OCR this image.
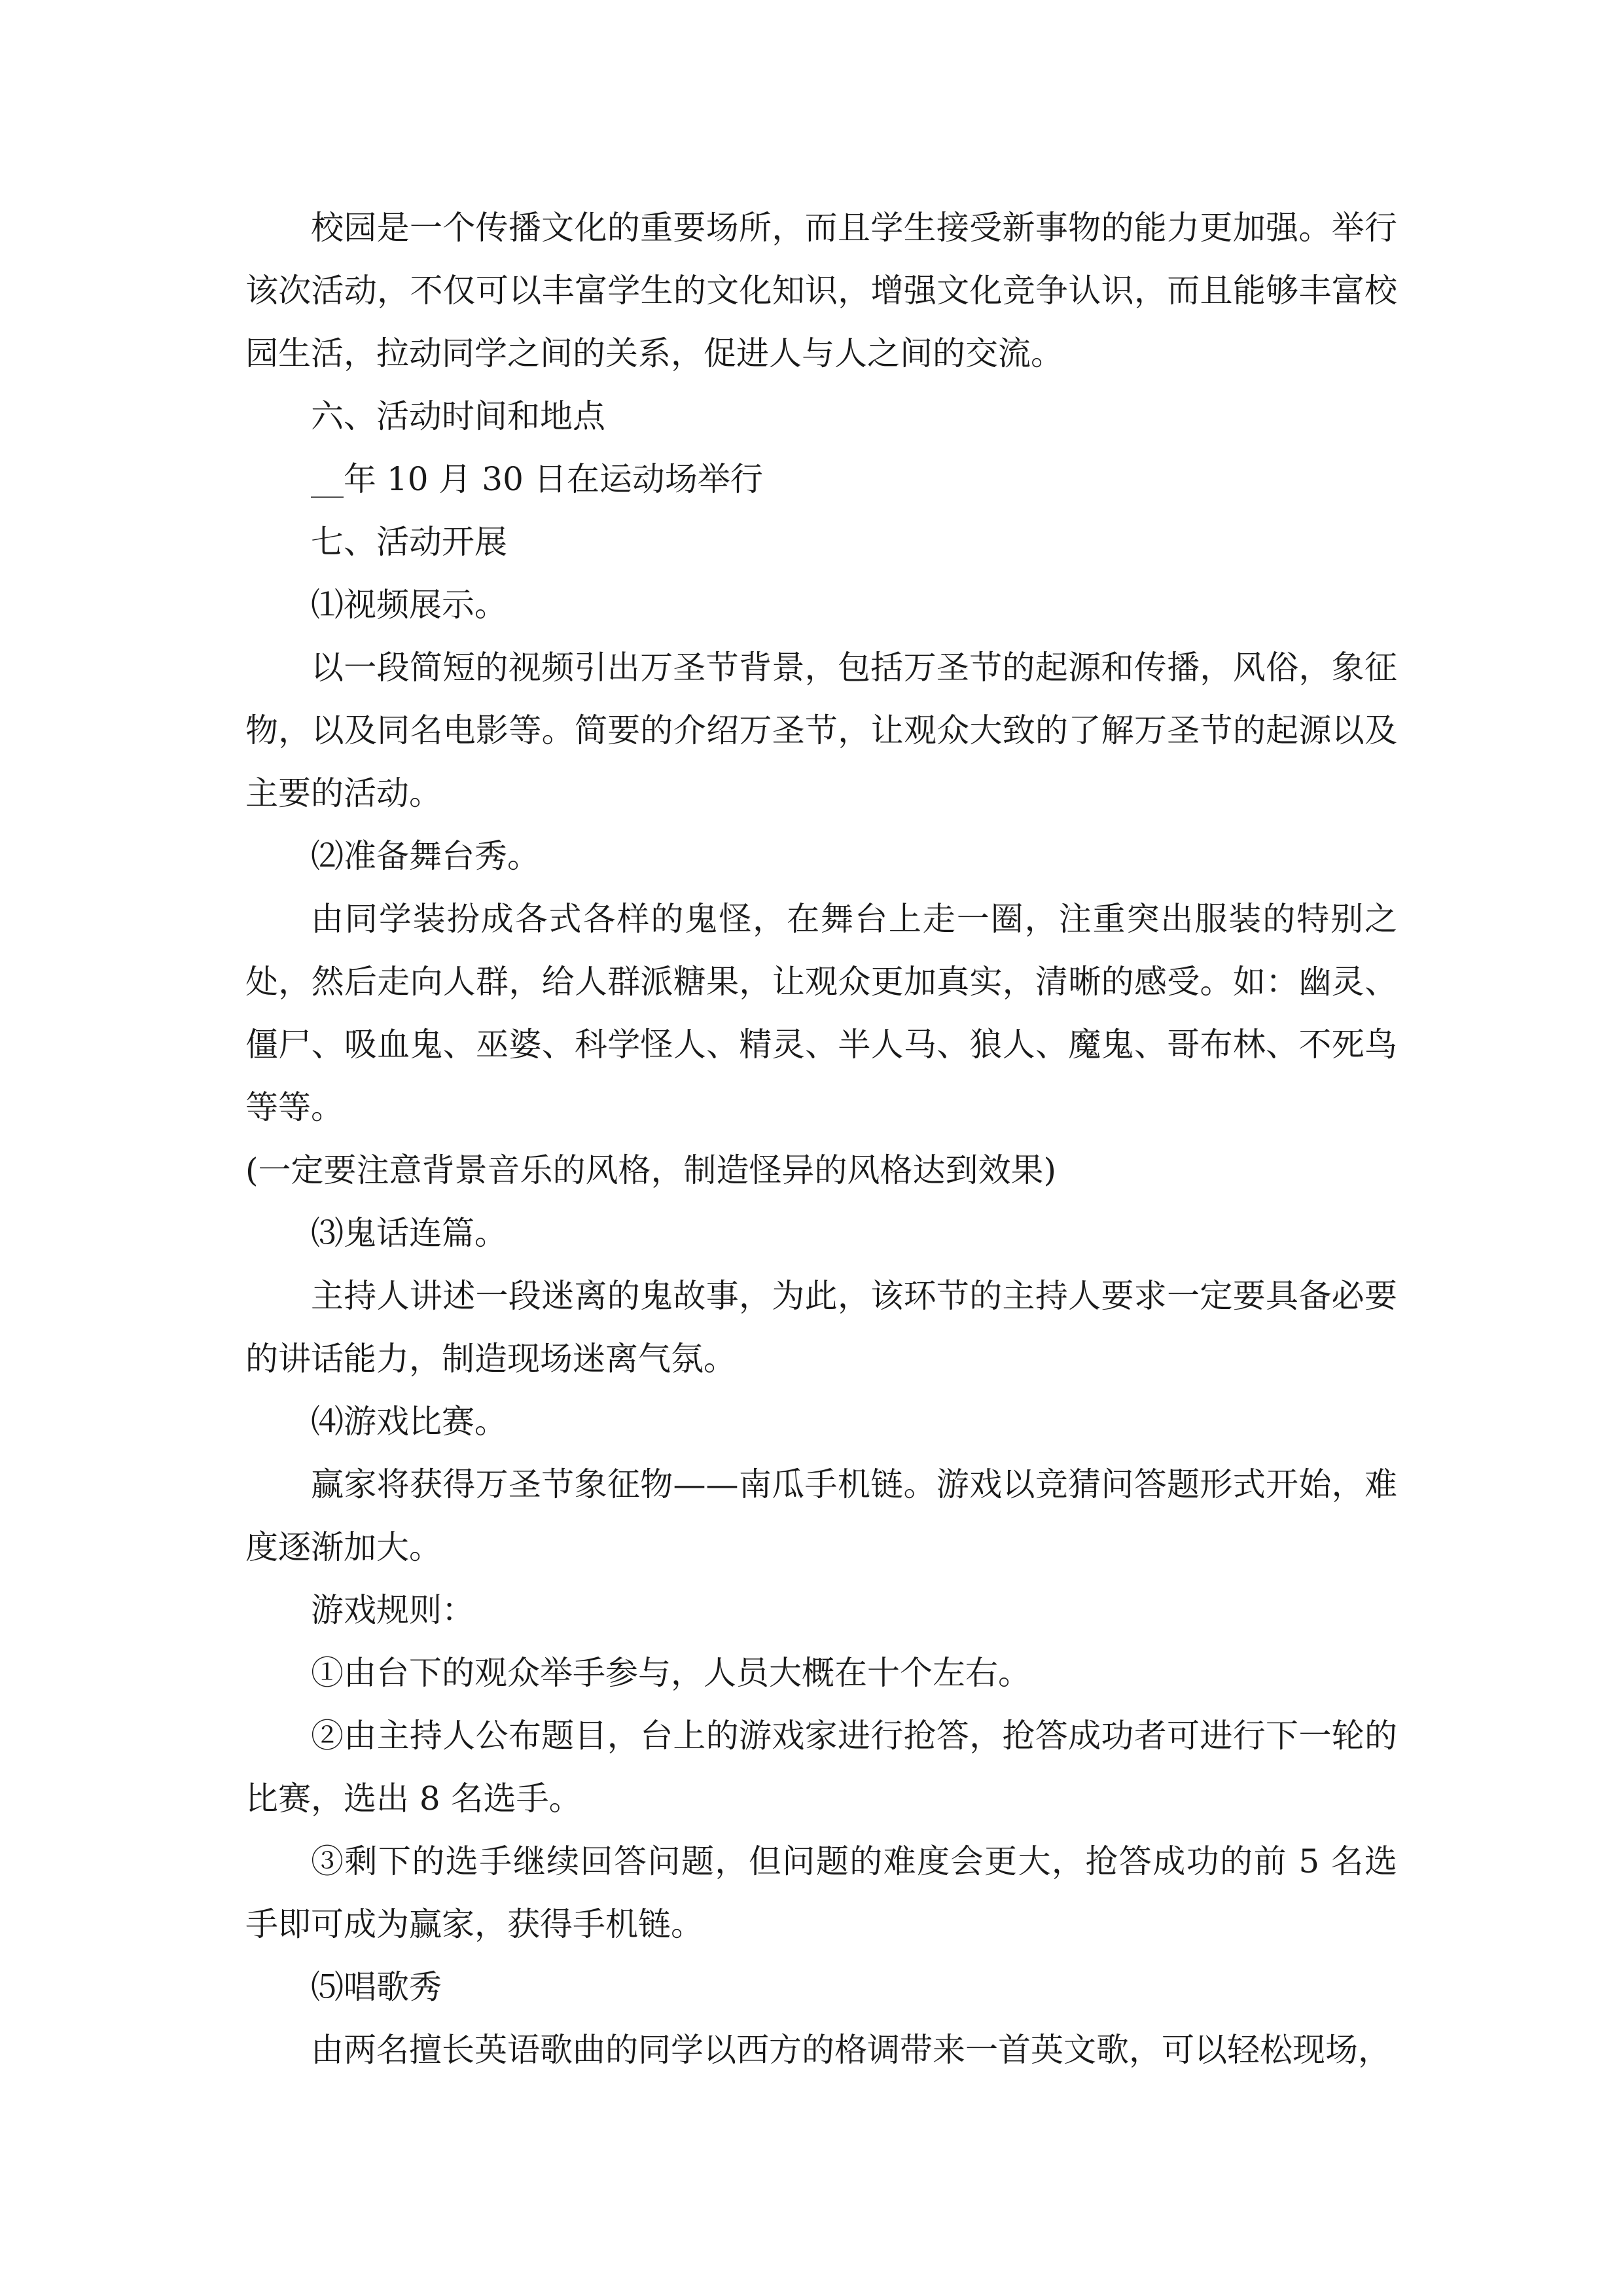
校园是一个传播文化的重要场所，而且学生接受新事物的能力更加强。举行该次活动，不仅可以丰富学生的文化知识，增强文化竞争认识，而且能够丰富校园生活，拉动同学之间的关系，促进人与人之间的交流。

六、活动时间和地点

__年 10 月 30 日在运动场举行

七、活动开展

⑴视频展示。

以一段简短的视频引出万圣节背景，包括万圣节的起源和传播，风俗，象征物，以及同名电影等。简要的介绍万圣节，让观众大致的了解万圣节的起源以及主要的活动。

⑵准备舞台秀。

由同学装扮成各式各样的鬼怪，在舞台上走一圈，注重突出服装的特别之处，然后走向人群，给人群派糖果，让观众更加真实，清晰的感受。如：幽灵、僵尸、吸血鬼、巫婆、科学怪人、精灵、半人马、狼人、魔鬼、哥布林、不死鸟等等。

(一定要注意背景音乐的风格，制造怪异的风格达到效果)

⑶鬼话连篇。

主持人讲述一段迷离的鬼故事，为此，该环节的主持人要求一定要具备必要的讲话能力，制造现场迷离气氛。

⑷游戏比赛。

赢家将获得万圣节象征物——南瓜手机链。游戏以竞猜问答题形式开始，难度逐渐加大。

游戏规则：

①由台下的观众举手参与，人员大概在十个左右。

②由主持人公布题目，台上的游戏家进行抢答，抢答成功者可进行下一轮的比赛，选出 8 名选手。

③剩下的选手继续回答问题，但问题的难度会更大，抢答成功的前 5 名选手即可成为赢家，获得手机链。

⑸唱歌秀

由两名擅长英语歌曲的同学以西方的格调带来一首英文歌，可以轻松现场，
